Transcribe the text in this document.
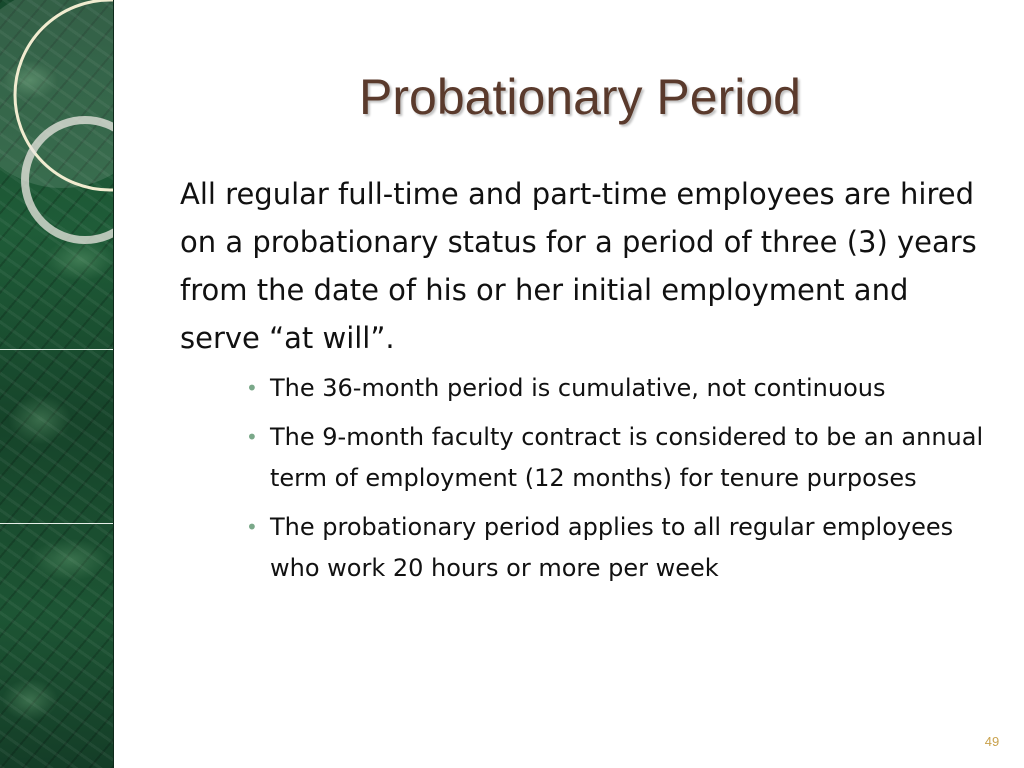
Probationary Period
All regular full-time and part-time employees are hired on a probationary status for a period of three (3) years from the date of his or her initial employment and serve “at will”.
• The 36-month period is cumulative, not continuous
• The 9-month faculty contract is considered to be an annual term of employment (12 months) for tenure purposes
• The probationary period applies to all regular employees who work 20 hours or more per week
49
